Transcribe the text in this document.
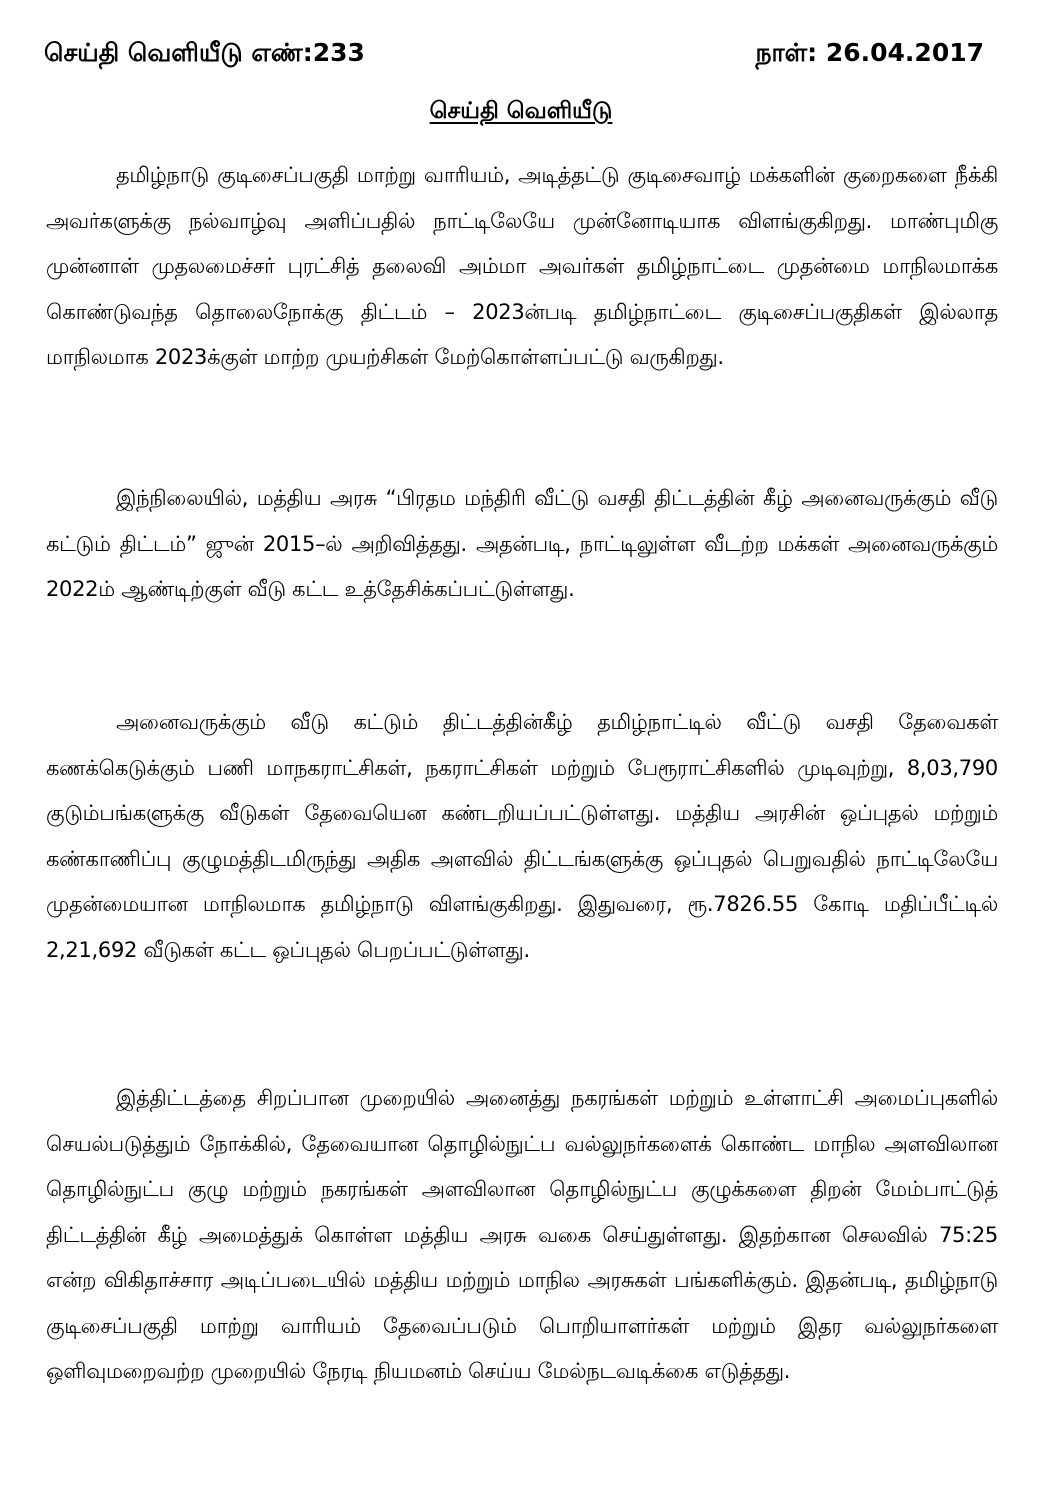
செய்தி வெளியீடு எண்:233	நாள்: 26.04.2017
செய்தி வெளியீடு

தமிழ்நாடு குடிசைப்பகுதி மாற்று வாரியம், அடித்தட்டு குடிசைவாழ் மக்களின் குறைகளை நீக்கி அவர்களுக்கு நல்வாழ்வு அளிப்பதில் நாட்டிலேயே முன்னோடியாக விளங்குகிறது. மாண்புமிகு முன்னாள் முதலமைச்சர் புரட்சித் தலைவி அம்மா அவர்கள் தமிழ்நாட்டை முதன்மை மாநிலமாக்க கொண்டுவந்த தொலைநோக்கு திட்டம் – 2023ன்படி தமிழ்நாட்டை குடிசைப்பகுதிகள் இல்லாத மாநிலமாக 2023க்குள் மாற்ற முயற்சிகள் மேற்கொள்ளப்பட்டு வருகிறது.

இந்நிலையில், மத்திய அரசு “பிரதம மந்திரி வீட்டு வசதி திட்டத்தின் கீழ் அனைவருக்கும் வீடு கட்டும் திட்டம்” ஜுன் 2015–ல் அறிவித்தது. அதன்படி, நாட்டிலுள்ள வீடற்ற மக்கள் அனைவருக்கும் 2022ம் ஆண்டிற்குள் வீடு கட்ட உத்தேசிக்கப்பட்டுள்ளது.

அனைவருக்கும் வீடு கட்டும் திட்டத்தின்கீழ் தமிழ்நாட்டில் வீட்டு வசதி தேவைகள் கணக்கெடுக்கும் பணி மாநகராட்சிகள், நகராட்சிகள் மற்றும் பேரூராட்சிகளில் முடிவுற்று, 8,03,790 குடும்பங்களுக்கு வீடுகள் தேவையென கண்டறியப்பட்டுள்ளது. மத்திய அரசின் ஒப்புதல் மற்றும் கண்காணிப்பு குழுமத்திடமிருந்து அதிக அளவில் திட்டங்களுக்கு ஒப்புதல் பெறுவதில் நாட்டிலேயே முதன்மையான மாநிலமாக தமிழ்நாடு விளங்குகிறது. இதுவரை, ரூ.7826.55 கோடி மதிப்பீட்டில் 2,21,692 வீடுகள் கட்ட ஒப்புதல் பெறப்பட்டுள்ளது.

இத்திட்டத்தை சிறப்பான முறையில் அனைத்து நகரங்கள் மற்றும் உள்ளாட்சி அமைப்புகளில் செயல்படுத்தும் நோக்கில், தேவையான தொழில்நுட்ப வல்லுநர்களைக் கொண்ட மாநில அளவிலான தொழில்நுட்ப குழு மற்றும் நகரங்கள் அளவிலான தொழில்நுட்ப குழுக்களை திறன் மேம்பாட்டுத் திட்டத்தின் கீழ் அமைத்துக் கொள்ள மத்திய அரசு வகை செய்துள்ளது. இதற்கான செலவில் 75:25 என்ற விகிதாச்சார அடிப்படையில் மத்திய மற்றும் மாநில அரசுகள் பங்களிக்கும். இதன்படி, தமிழ்நாடு குடிசைப்பகுதி மாற்று வாரியம் தேவைப்படும் பொறியாளர்கள் மற்றும் இதர வல்லுநர்களை ஒளிவுமறைவற்ற முறையில் நேரடி நியமனம் செய்ய மேல்நடவடிக்கை எடுத்தது.
